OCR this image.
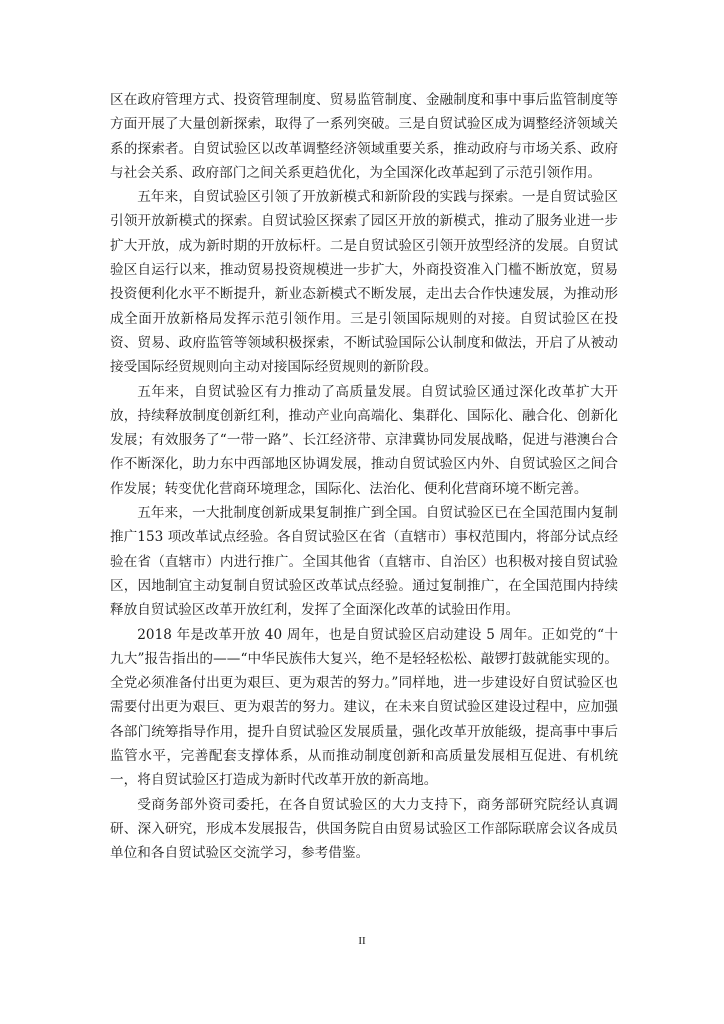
区在政府管理方式、投资管理制度、贸易监管制度、金融制度和事中事后监管制度等方面开展了大量创新探索，取得了一系列突破。三是自贸试验区成为调整经济领域关系的探索者。自贸试验区以改革调整经济领域重要关系，推动政府与市场关系、政府与社会关系、政府部门之间关系更趋优化，为全国深化改革起到了示范引领作用。

五年来，自贸试验区引领了开放新模式和新阶段的实践与探索。一是自贸试验区引领开放新模式的探索。自贸试验区探索了园区开放的新模式，推动了服务业进一步扩大开放，成为新时期的开放标杆。二是自贸试验区引领开放型经济的发展。自贸试验区自运行以来，推动贸易投资规模进一步扩大，外商投资准入门槛不断放宽，贸易投资便利化水平不断提升，新业态新模式不断发展，走出去合作快速发展，为推动形成全面开放新格局发挥示范引领作用。三是引领国际规则的对接。自贸试验区在投资、贸易、政府监管等领域积极探索，不断试验国际公认制度和做法，开启了从被动接受国际经贸规则向主动对接国际经贸规则的新阶段。

五年来，自贸试验区有力推动了高质量发展。自贸试验区通过深化改革扩大开放，持续释放制度创新红利，推动产业向高端化、集群化、国际化、融合化、创新化发展；有效服务了“一带一路”、长江经济带、京津冀协同发展战略，促进与港澳台合作不断深化，助力东中西部地区协调发展，推动自贸试验区内外、自贸试验区之间合作发展；转变优化营商环境理念，国际化、法治化、便利化营商环境不断完善。

五年来，一大批制度创新成果复制推广到全国。自贸试验区已在全国范围内复制推广153 项改革试点经验。各自贸试验区在省（直辖市）事权范围内，将部分试点经验在省（直辖市）内进行推广。全国其他省（直辖市、自治区）也积极对接自贸试验区，因地制宜主动复制自贸试验区改革试点经验。通过复制推广，在全国范围内持续释放自贸试验区改革开放红利，发挥了全面深化改革的试验田作用。

2018 年是改革开放 40 周年，也是自贸试验区启动建设 5 周年。正如党的“十九大”报告指出的——“中华民族伟大复兴，绝不是轻轻松松、敲锣打鼓就能实现的。全党必须准备付出更为艰巨、更为艰苦的努力。”同样地，进一步建设好自贸试验区也需要付出更为艰巨、更为艰苦的努力。建议，在未来自贸试验区建设过程中，应加强各部门统筹指导作用，提升自贸试验区发展质量，强化改革开放能级，提高事中事后监管水平，完善配套支撑体系，从而推动制度创新和高质量发展相互促进、有机统一，将自贸试验区打造成为新时代改革开放的新高地。

受商务部外资司委托，在各自贸试验区的大力支持下，商务部研究院经认真调研、深入研究，形成本发展报告，供国务院自由贸易试验区工作部际联席会议各成员单位和各自贸试验区交流学习，参考借鉴。

II
